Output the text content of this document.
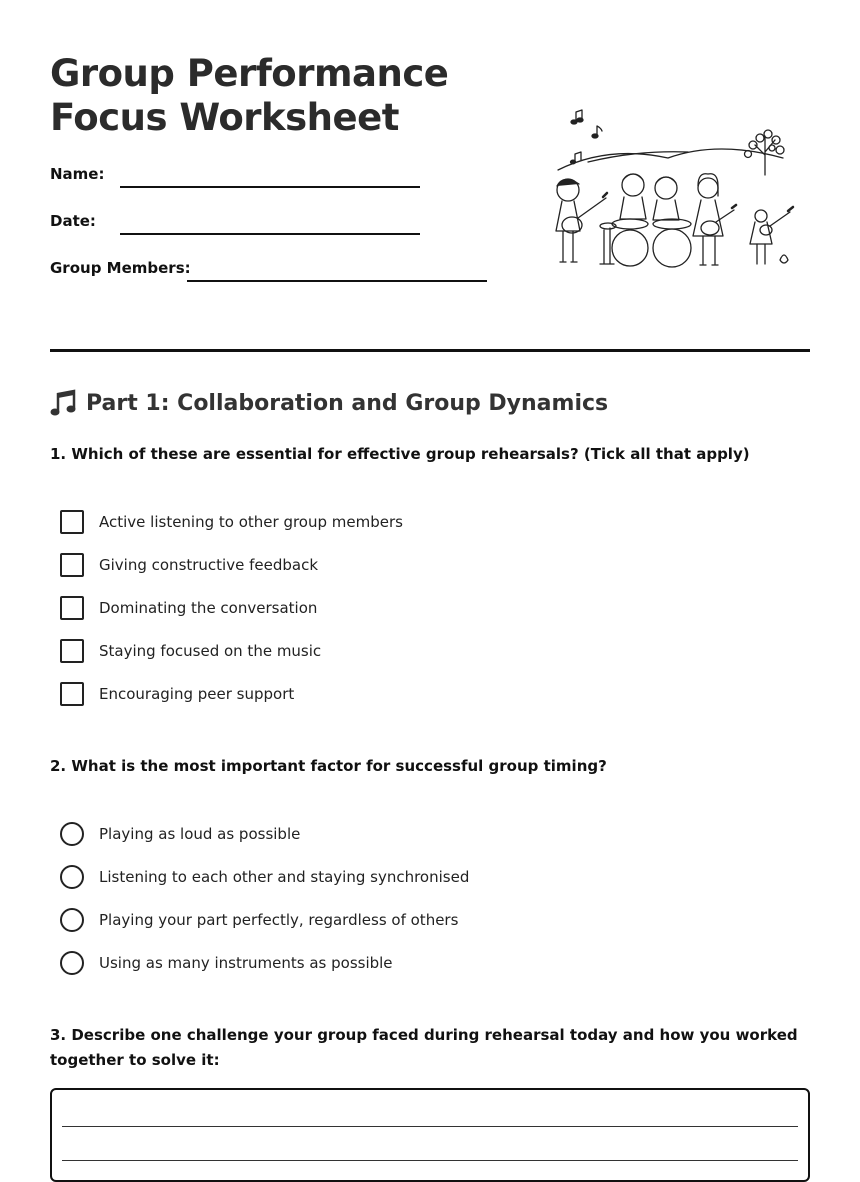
Group Performance
Focus Worksheet
Name:
Date:
Group Members:
Part 1: Collaboration and Group Dynamics

1. Which of these are essential for effective group rehearsals? (Tick all that apply)

Active listening to other group members
Giving constructive feedback
Dominating the conversation
Staying focused on the music
Encouraging peer support

2. What is the most important factor for successful group timing?

Playing as loud as possible
Listening to each other and staying synchronised
Playing your part perfectly, regardless of others
Using as many instruments as possible

3. Describe one challenge your group faced during rehearsal today and how you worked together to solve it:
